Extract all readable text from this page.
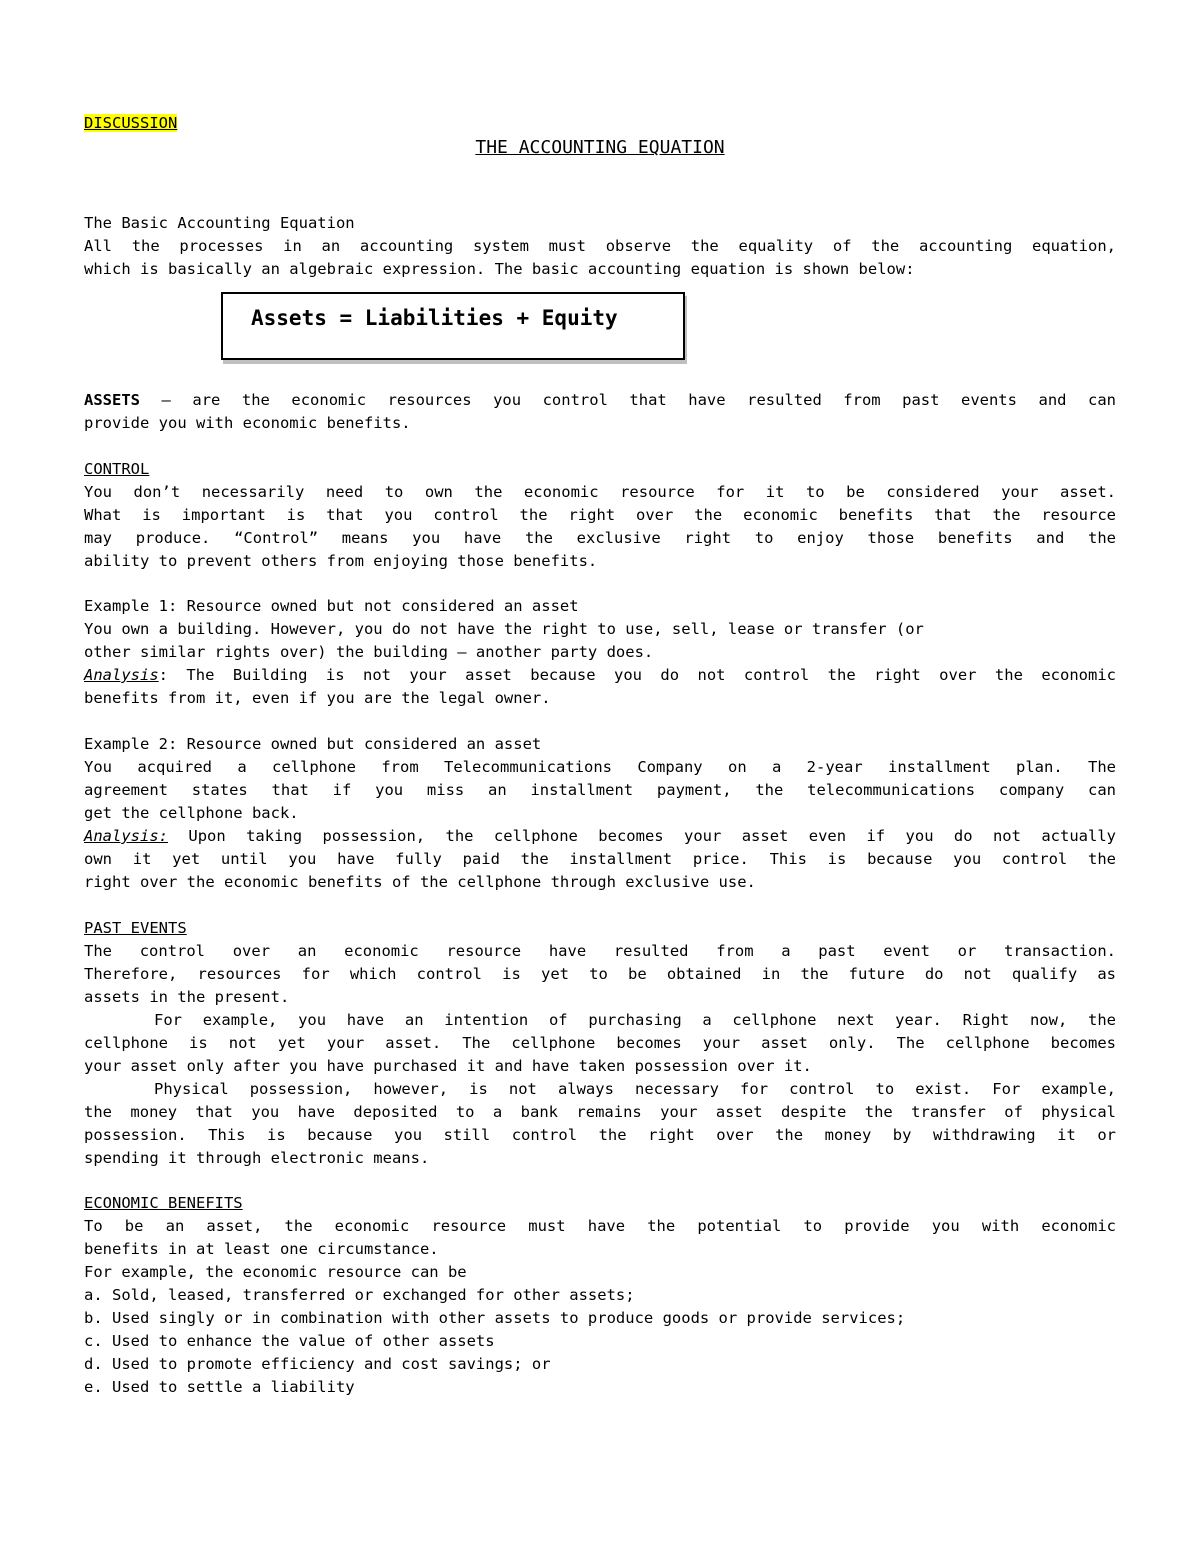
DISCUSSION
THE ACCOUNTING EQUATION
The Basic Accounting Equation
All the processes in an accounting system must observe the equality of the accounting equation,
which is basically an algebraic expression. The basic accounting equation is shown below:
Assets = Liabilities + Equity
ASSETS – are the economic resources you control that have resulted from past events and can
provide you with economic benefits.
CONTROL
You don’t necessarily need to own the economic resource for it to be considered your asset.
What is important is that you control the right over the economic benefits that the resource
may produce. “Control” means you have the exclusive right to enjoy those benefits and the
ability to prevent others from enjoying those benefits.
Example 1: Resource owned but not considered an asset
You own a building. However, you do not have the right to use, sell, lease or transfer (or
other similar rights over) the building – another party does.
Analysis: The Building is not your asset because you do not control the right over the economic
benefits from it, even if you are the legal owner.
Example 2: Resource owned but considered an asset
You acquired a cellphone from Telecommunications Company on a 2-year installment plan. The
agreement states that if you miss an installment payment, the telecommunications company can
get the cellphone back.
Analysis: Upon taking possession, the cellphone becomes your asset even if you do not actually
own it yet until you have fully paid the installment price. This is because you control the
right over the economic benefits of the cellphone through exclusive use.
PAST EVENTS
The control over an economic resource have resulted from a past event or transaction.
Therefore, resources for which control is yet to be obtained in the future do not qualify as
assets in the present.
For example, you have an intention of purchasing a cellphone next year. Right now, the
cellphone is not yet your asset. The cellphone becomes your asset only. The cellphone becomes
your asset only after you have purchased it and have taken possession over it.
Physical possession, however, is not always necessary for control to exist. For example,
the money that you have deposited to a bank remains your asset despite the transfer of physical
possession. This is because you still control the right over the money by withdrawing it or
spending it through electronic means.
ECONOMIC BENEFITS
To be an asset, the economic resource must have the potential to provide you with economic
benefits in at least one circumstance.
For example, the economic resource can be
a. Sold, leased, transferred or exchanged for other assets;
b. Used singly or in combination with other assets to produce goods or provide services;
c. Used to enhance the value of other assets
d. Used to promote efficiency and cost savings; or
e. Used to settle a liability
